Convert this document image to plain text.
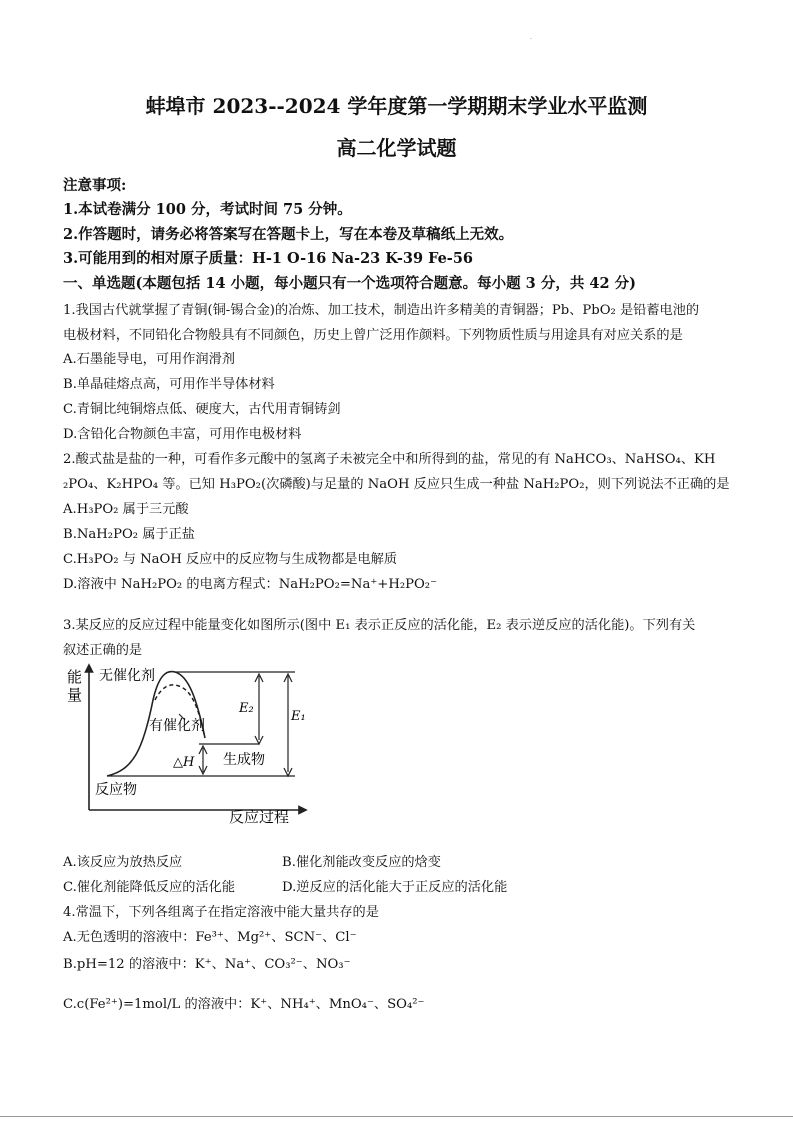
.
蚌埠市 2023--2024 学年度第一学期期末学业水平监测
高二化学试题
注意事项:
1.本试卷满分 100 分，考试时间 75 分钟。
2.作答题时，请务必将答案写在答题卡上，写在本卷及草稿纸上无效。
3.可能用到的相对原子质量：H-1 O-16 Na-23 K-39 Fe-56
一、单选题(本题包括 14 小题，每小题只有一个选项符合题意。每小题 3 分，共 42 分)
1.我国古代就掌握了青铜(铜-锡合金)的冶炼、加工技术，制造出许多精美的青铜器；Pb、PbO₂ 是铅蓄电池的
电极材料，不同铅化合物般具有不同颜色，历史上曾广泛用作颜料。下列物质性质与用途具有对应关系的是
A.石墨能导电，可用作润滑剂
B.单晶硅熔点高，可用作半导体材料
C.青铜比纯铜熔点低、硬度大，古代用青铜铸剑
D.含铅化合物颜色丰富，可用作电极材料
2.酸式盐是盐的一种，可看作多元酸中的氢离子未被完全中和所得到的盐，常见的有 NaHCO₃、NaHSO₄、KH
₂PO₄、K₂HPO₄ 等。已知 H₃PO₂(次磷酸)与足量的 NaOH 反应只生成一种盐 NaH₂PO₂，则下列说法不正确的是
A.H₃PO₂ 属于三元酸
B.NaH₂PO₂ 属于正盐
C.H₃PO₂ 与 NaOH 反应中的反应物与生成物都是电解质
D.溶液中 NaH₂PO₂ 的电离方程式：NaH₂PO₂=Na⁺+H₂PO₂⁻
3.某反应的反应过程中能量变化如图所示(图中 E₁ 表示正反应的活化能，E₂ 表示逆反应的活化能)。下列有关
叙述正确的是
能
量
反应过程
无催化剂
有催化剂
生成物
反应物
E₂
E₁
△H
A.该反应为放热反应	B.催化剂能改变反应的焓变
C.催化剂能降低反应的活化能	D.逆反应的活化能大于正反应的活化能
4.常温下，下列各组离子在指定溶液中能大量共存的是
A.无色透明的溶液中：Fe³⁺、Mg²⁺、SCN⁻、Cl⁻
B.pH=12 的溶液中：K⁺、Na⁺、CO₃²⁻、NO₃⁻
C.c(Fe²⁺)=1mol/L 的溶液中：K⁺、NH₄⁺、MnO₄⁻、SO₄²⁻
